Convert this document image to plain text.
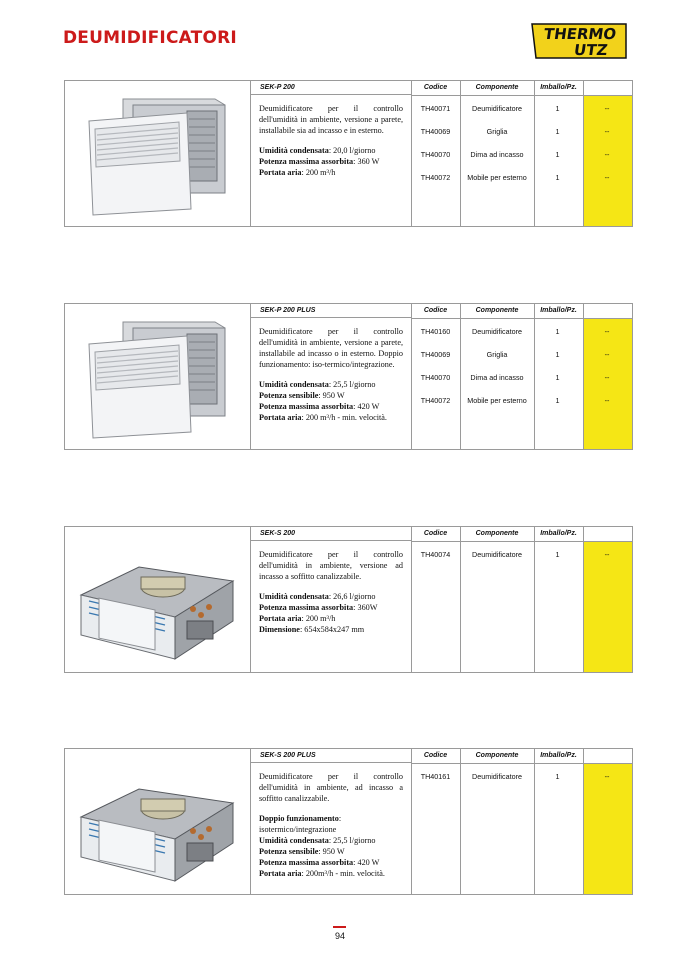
DEUMIDIFICATORI	THERMO
UTZ
SEK-P 200	Codice	Componente	Imballo/Pz.

Deumidificatore per il controllo dell'umidità in ambiente, versione a parete, installabile sia ad incasso e in esterno.

Umidità condensata: 20,0 l/giorno
Potenza massima assorbita: 360 W
Portata aria: 200 m³/h
TH40071	Deumidificatore	1	--
TH40069	Griglia	1	--
TH40070	Dima ad incasso	1	--
TH40072	Mobile per esterno	1	--
SEK-P 200 PLUS	Codice	Componente	Imballo/Pz.

Deumidificatore per il controllo dell'umidità in ambiente, versione a parete, installabile ad incasso o in esterno. Doppio funzionamento: iso-termico/integrazione.

Umidità condensata: 25,5 l/giorno
Potenza sensibile: 950 W
Potenza massima assorbita: 420 W
Portata aria: 200 m³/h - min. velocità.
TH40160	Deumidificatore	1	--
TH40069	Griglia	1	--
TH40070	Dima ad incasso	1	--
TH40072	Mobile per esterno	1	--
SEK-S 200	Codice	Componente	Imballo/Pz.

Deumidificatore per il controllo dell'umidità in ambiente, versione ad incasso a soffitto canalizzabile.

Umidità condensata: 26,6 l/giorno
Potenza massima assorbita: 360W
Portata aria: 200 m³/h
Dimensione: 654x584x247 mm
TH40074	Deumidificatore	1	--
SEK-S 200 PLUS	Codice	Componente	Imballo/Pz.

Deumidificatore per il controllo dell'umidità in ambiente, ad incasso a soffitto canalizzabile.

Doppio funzionamento:
isotermico/integrazione
Umidità condensata: 25,5 l/giorno
Potenza sensibile: 950 W
Potenza massima assorbita: 420 W
Portata aria: 200m³/h - min. velocità.
TH40161	Deumidificatore	1	--
94
